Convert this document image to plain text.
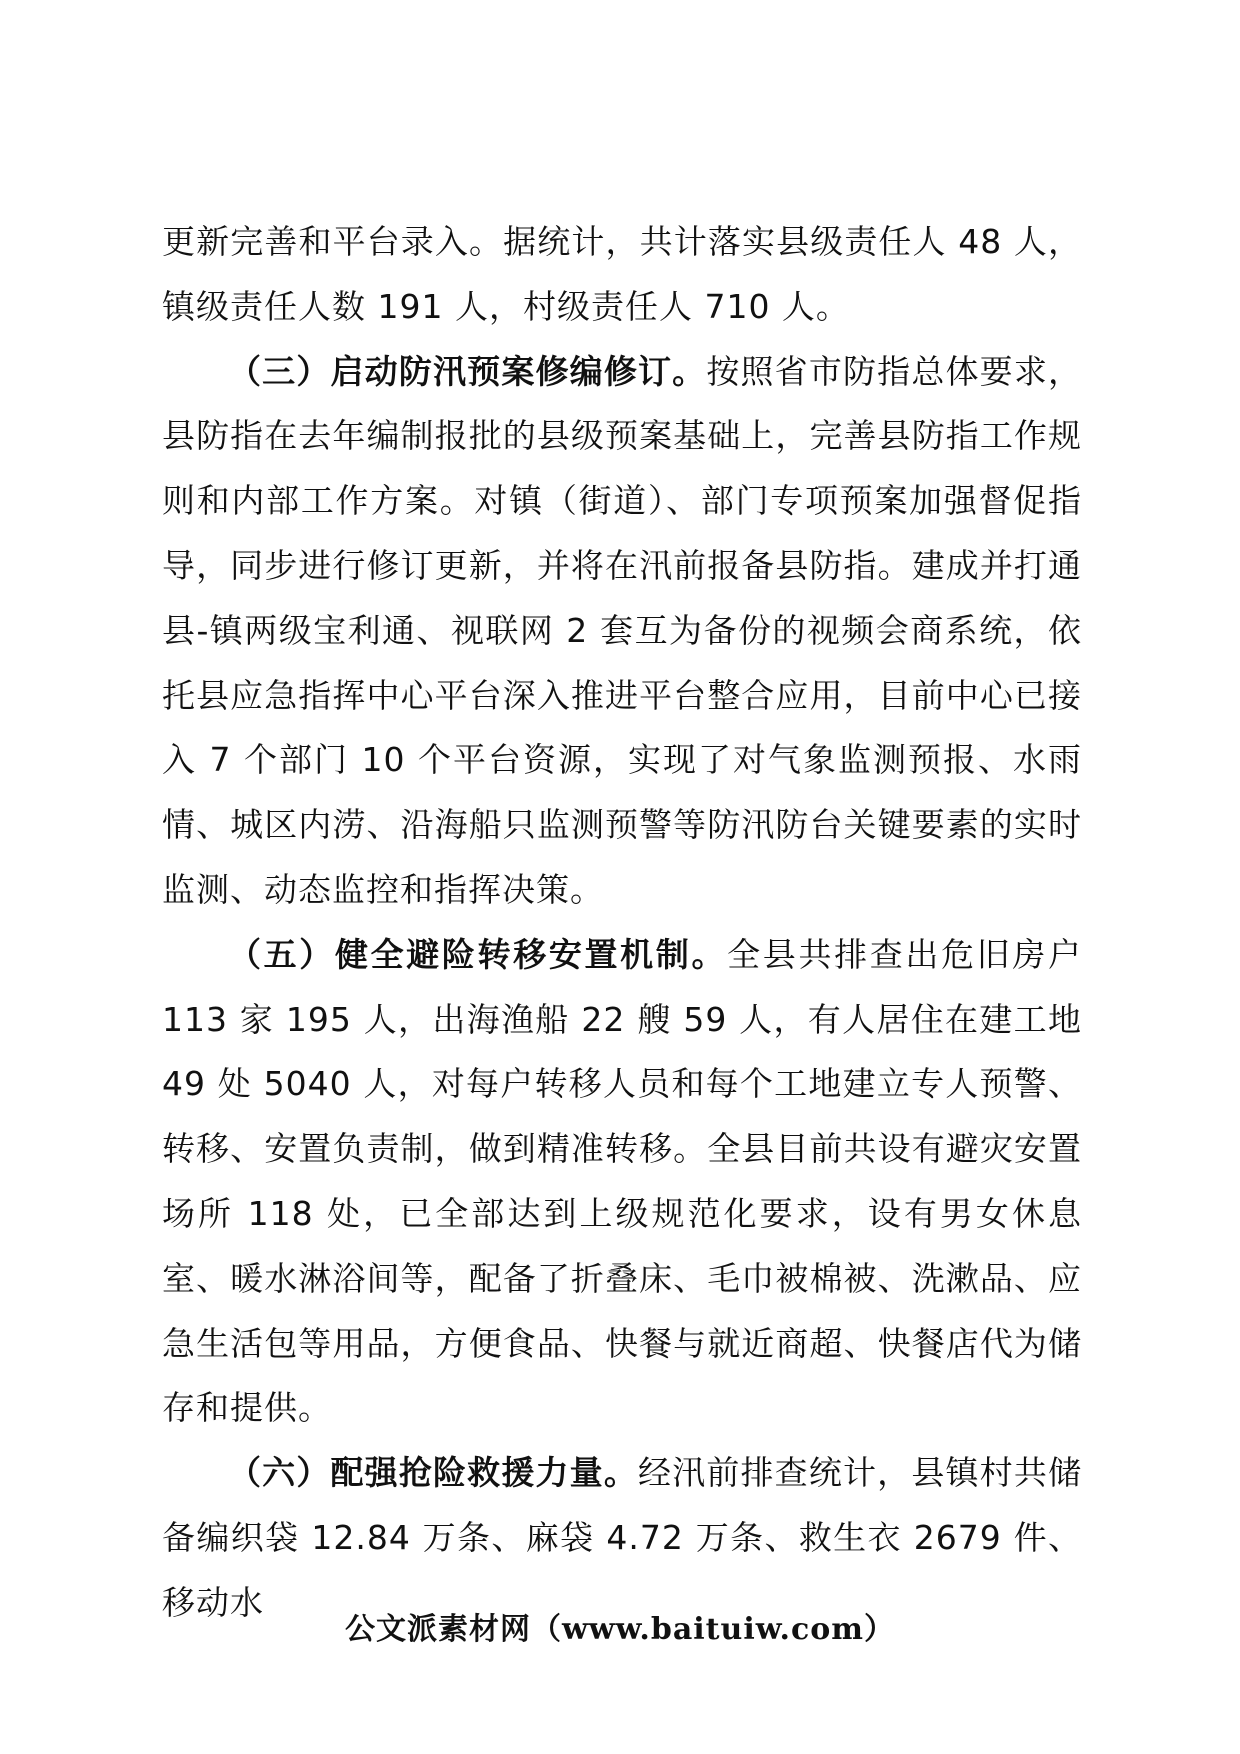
更新完善和平台录入。据统计，共计落实县级责任人 48 人，镇级责任人数 191 人，村级责任人 710 人。

（三）启动防汛预案修编修订。按照省市防指总体要求，县防指在去年编制报批的县级预案基础上，完善县防指工作规则和内部工作方案。对镇（街道）、部门专项预案加强督促指导，同步进行修订更新，并将在汛前报备县防指。建成并打通县-镇两级宝利通、视联网 2 套互为备份的视频会商系统，依托县应急指挥中心平台深入推进平台整合应用，目前中心已接入 7 个部门 10 个平台资源，实现了对气象监测预报、水雨情、城区内涝、沿海船只监测预警等防汛防台关键要素的实时监测、动态监控和指挥决策。

（五）健全避险转移安置机制。全县共排查出危旧房户 113 家 195 人，出海渔船 22 艘 59 人，有人居住在建工地 49 处 5040 人，对每户转移人员和每个工地建立专人预警、转移、安置负责制，做到精准转移。全县目前共设有避灾安置场所 118 处，已全部达到上级规范化要求，设有男女休息室、暖水淋浴间等，配备了折叠床、毛巾被棉被、洗漱品、应急生活包等用品，方便食品、快餐与就近商超、快餐店代为储存和提供。

（六）配强抢险救援力量。经汛前排查统计，县镇村共储备编织袋 12.84 万条、麻袋 4.72 万条、救生衣 2679 件、移动水

公文派素材网（www.baituiw.com）
